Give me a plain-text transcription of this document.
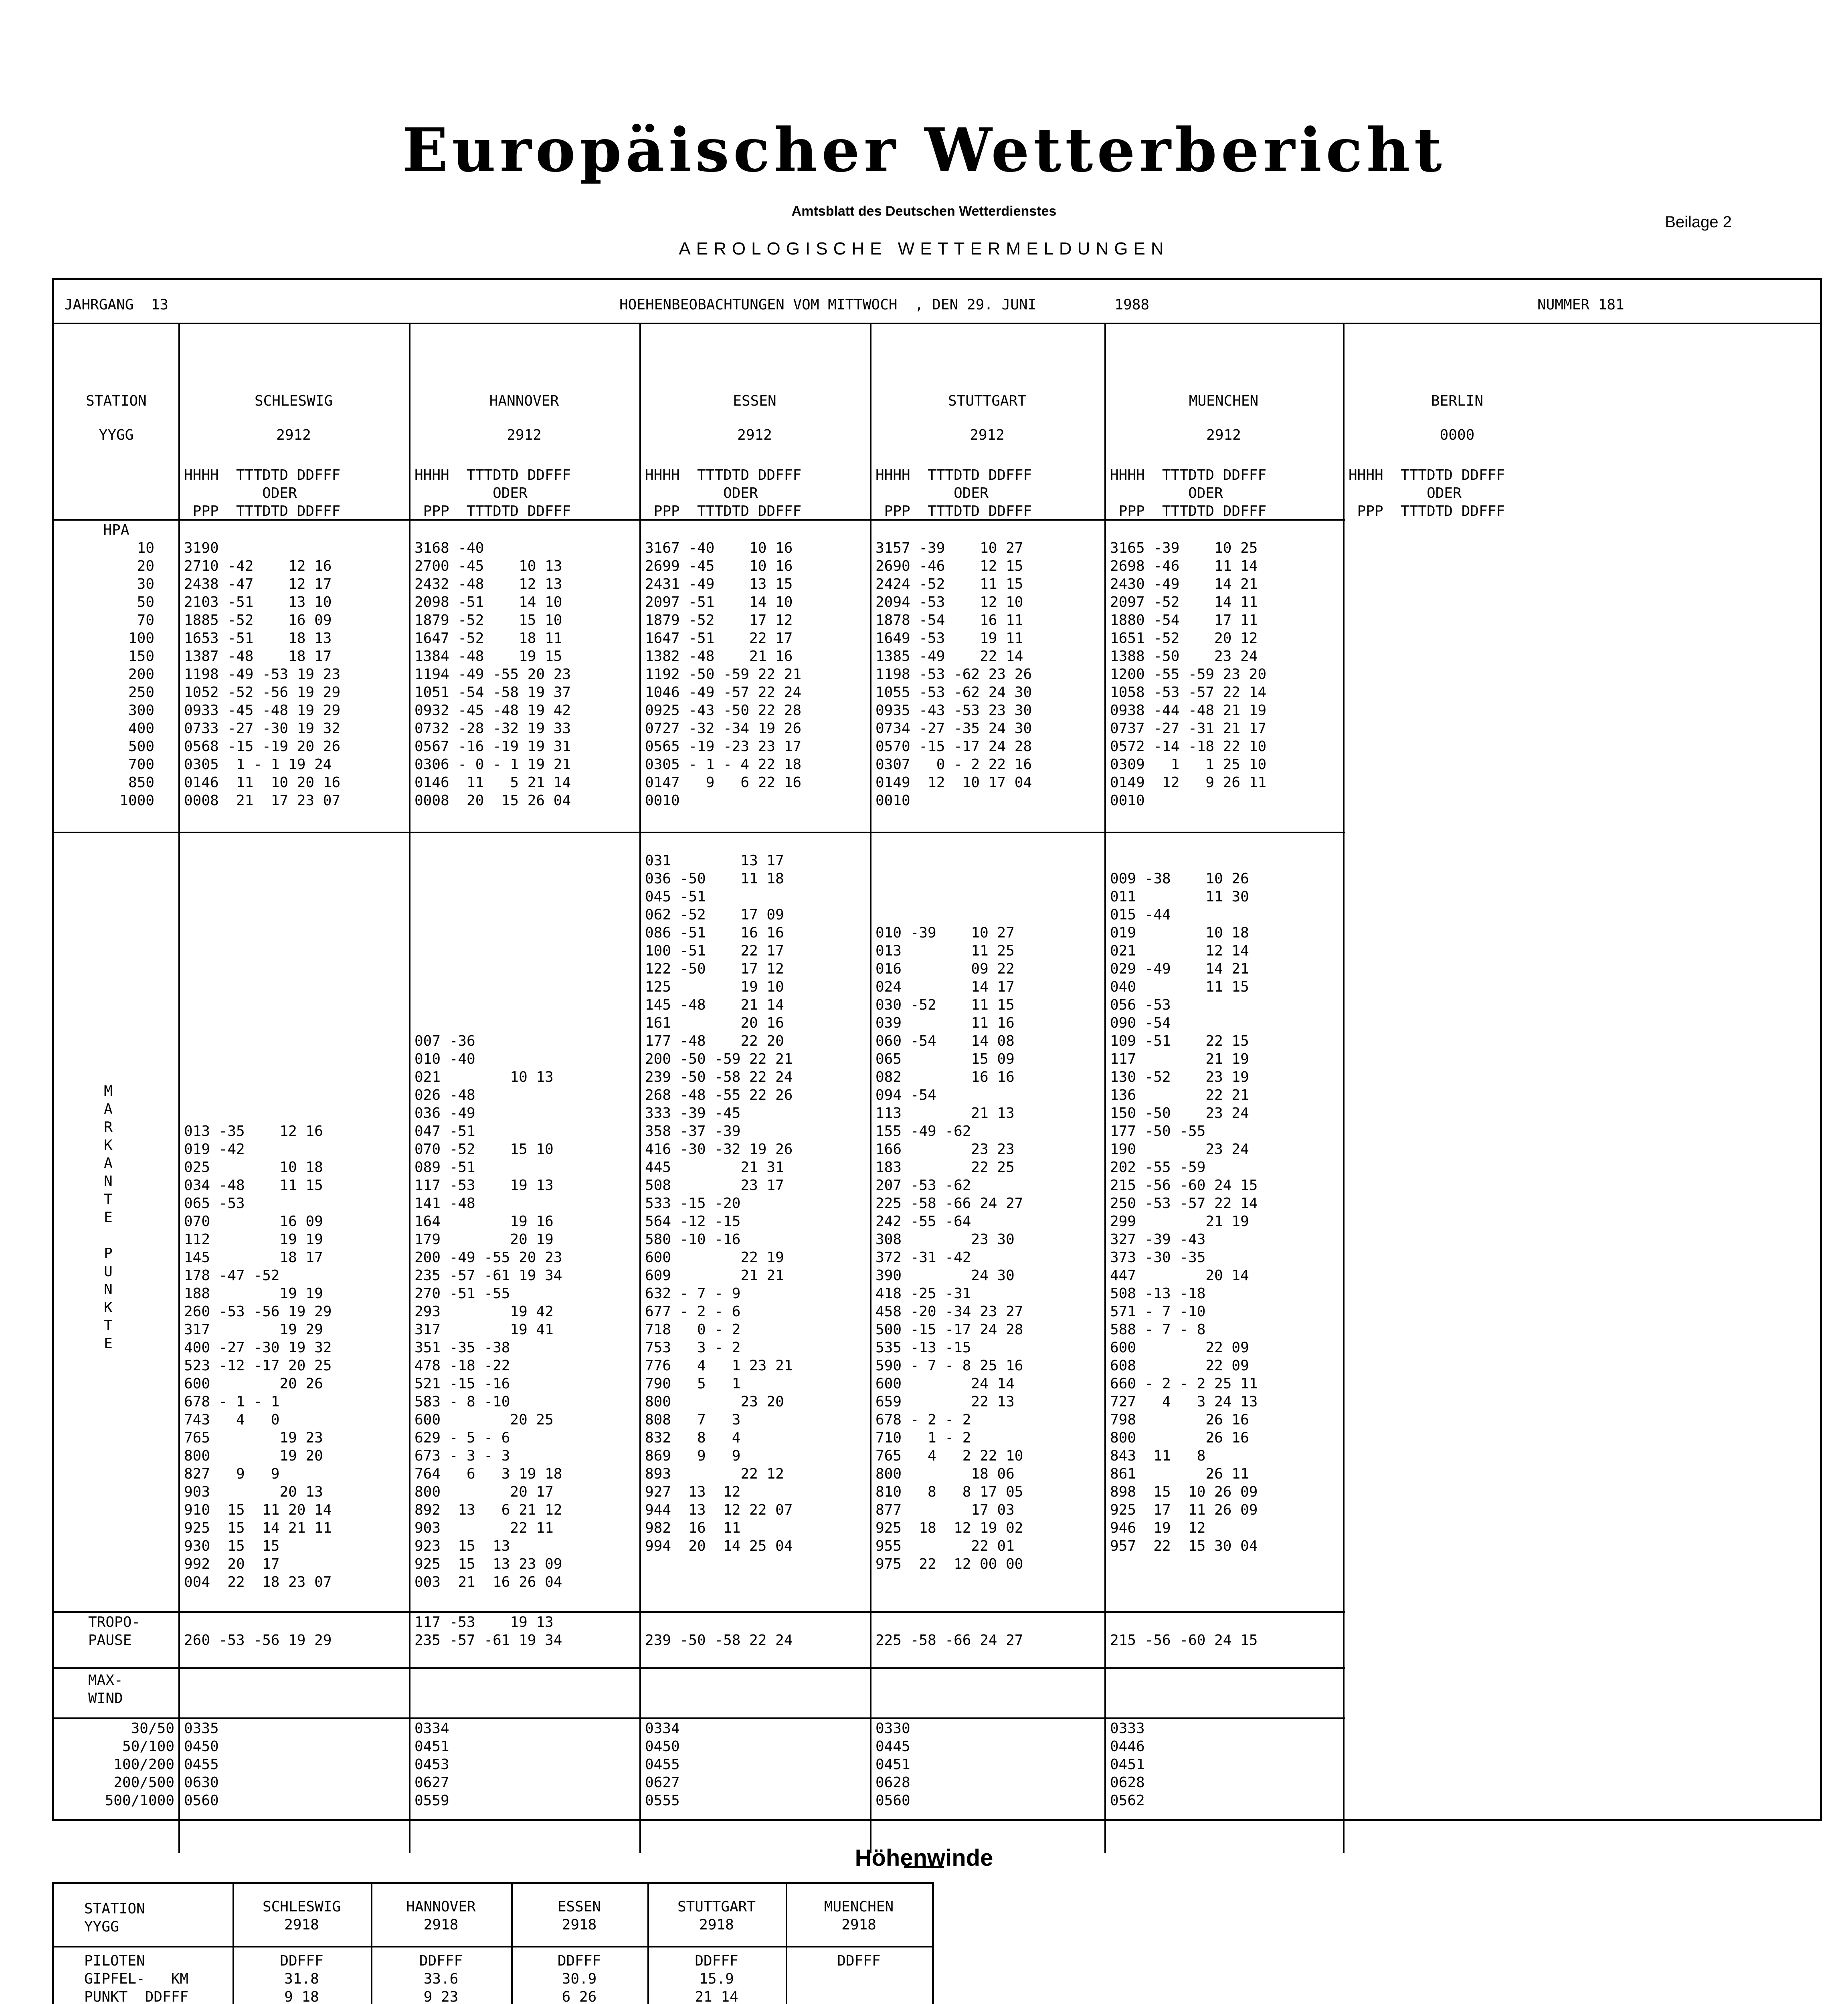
Europäischer Wetterbericht
Amtsblatt des Deutschen Wetterdienstes
Beilage 2
AEROLOGISCHE WETTERMELDUNGEN
JAHRGANG  13	HOEHENBEOBACHTUNGEN VOM MITTWOCH  , DEN 29. JUNI         1988	NUMMER 181
STATION
YYGG
HPA
10
20
30
50
70
100
150
200
250
300
400
500
700
850
1000
M
A
R
K
A
N
T
E
P
U
N
K
T
E
TROPO-
PAUSE
MAX-
WIND
30/50
50/100
100/200
200/500
500/1000
SCHLESWIG
2912
HHHH  TTTDTD DDFFF
ODER
PPP  TTTDTD DDFFF
3190
2710 -42    12 16
2438 -47    12 17
2103 -51    13 10
1885 -52    16 09
1653 -51    18 13
1387 -48    18 17
1198 -49 -53 19 23
1052 -52 -56 19 29
0933 -45 -48 19 29
0733 -27 -30 19 32
0568 -15 -19 20 26
0305  1 - 1 19 24
0146  11  10 20 16
0008  21  17 23 07

013 -35    12 16
019 -42
025        10 18
034 -48    11 15
065 -53
070        16 09
112        19 19
145        18 17
178 -47 -52
188        19 19
260 -53 -56 19 29
317        19 29
400 -27 -30 19 32
523 -12 -17 20 25
600        20 26
678 - 1 - 1
743   4   0
765        19 23
800        19 20
827   9   9
903        20 13
910  15  11 20 14
925  15  14 21 11
930  15  15
992  20  17
004  22  18 23 07

260 -53 -56 19 29
0335
0450
0455
0630
0560
HANNOVER
2912
HHHH  TTTDTD DDFFF
ODER
PPP  TTTDTD DDFFF
3168 -40
2700 -45    10 13
2432 -48    12 13
2098 -51    14 10
1879 -52    15 10
1647 -52    18 11
1384 -48    19 15
1194 -49 -55 20 23
1051 -54 -58 19 37
0932 -45 -48 19 42
0732 -28 -32 19 33
0567 -16 -19 19 31
0306 - 0 - 1 19 21
0146  11   5 21 14
0008  20  15 26 04

007 -36
010 -40
021        10 13
026 -48
036 -49
047 -51
070 -52    15 10
089 -51
117 -53    19 13
141 -48
164        19 16
179        20 19
200 -49 -55 20 23
235 -57 -61 19 34
270 -51 -55
293        19 42
317        19 41
351 -35 -38
478 -18 -22
521 -15 -16
583 - 8 -10
600        20 25
629 - 5 - 6
673 - 3 - 3
764   6   3 19 18
800        20 17
892  13   6 21 12
903        22 11
923  15  13
925  15  13 23 09
003  21  16 26 04
117 -53    19 13
235 -57 -61 19 34
0334
0451
0453
0627
0559
ESSEN
2912
HHHH  TTTDTD DDFFF
ODER
PPP  TTTDTD DDFFF
3167 -40    10 16
2699 -45    10 16
2431 -49    13 15
2097 -51    14 10
1879 -52    17 12
1647 -51    22 17
1382 -48    21 16
1192 -50 -59 22 21
1046 -49 -57 22 24
0925 -43 -50 22 28
0727 -32 -34 19 26
0565 -19 -23 23 17
0305 - 1 - 4 22 18
0147   9   6 22 16
0010
031        13 17
036 -50    11 18
045 -51
062 -52    17 09
086 -51    16 16
100 -51    22 17
122 -50    17 12
125        19 10
145 -48    21 14
161        20 16
177 -48    22 20
200 -50 -59 22 21
239 -50 -58 22 24
268 -48 -55 22 26
333 -39 -45
358 -37 -39
416 -30 -32 19 26
445        21 31
508        23 17
533 -15 -20
564 -12 -15
580 -10 -16
600        22 19
609        21 21
632 - 7 - 9
677 - 2 - 6
718   0 - 2
753   3 - 2
776   4   1 23 21
790   5   1
800        23 20
808   7   3
832   8   4
869   9   9
893        22 12
927  13  12
944  13  12 22 07
982  16  11
994  20  14 25 04

239 -50 -58 22 24
0334
0450
0455
0627
0555
STUTTGART
2912
HHHH  TTTDTD DDFFF
ODER
PPP  TTTDTD DDFFF
3157 -39    10 27
2690 -46    12 15
2424 -52    11 15
2094 -53    12 10
1878 -54    16 11
1649 -53    19 11
1385 -49    22 14
1198 -53 -62 23 26
1055 -53 -62 24 30
0935 -43 -53 23 30
0734 -27 -35 24 30
0570 -15 -17 24 28
0307   0 - 2 22 16
0149  12  10 17 04
0010

010 -39    10 27
013        11 25
016        09 22
024        14 17
030 -52    11 15
039        11 16
060 -54    14 08
065        15 09
082        16 16
094 -54
113        21 13
155 -49 -62
166        23 23
183        22 25
207 -53 -62
225 -58 -66 24 27
242 -55 -64
308        23 30
372 -31 -42
390        24 30
418 -25 -31
458 -20 -34 23 27
500 -15 -17 24 28
535 -13 -15
590 - 7 - 8 25 16
600        24 14
659        22 13
678 - 2 - 2
710   1 - 2
765   4   2 22 10
800        18 06
810   8   8 17 05
877        17 03
925  18  12 19 02
955        22 01
975  22  12 00 00

225 -58 -66 24 27
0330
0445
0451
0628
0560
MUENCHEN
2912
HHHH  TTTDTD DDFFF
ODER
PPP  TTTDTD DDFFF
3165 -39    10 25
2698 -46    11 14
2430 -49    14 21
2097 -52    14 11
1880 -54    17 11
1651 -52    20 12
1388 -50    23 24
1200 -55 -59 23 20
1058 -53 -57 22 14
0938 -44 -48 21 19
0737 -27 -31 21 17
0572 -14 -18 22 10
0309   1   1 25 10
0149  12   9 26 11
0010

009 -38    10 26
011        11 30
015 -44
019        10 18
021        12 14
029 -49    14 21
040        11 15
056 -53
090 -54
109 -51    22 15
117        21 19
130 -52    23 19
136        22 21
150 -50    23 24
177 -50 -55
190        23 24
202 -55 -59
215 -56 -60 24 15
250 -53 -57 22 14
299        21 19
327 -39 -43
373 -30 -35
447        20 14
508 -13 -18
571 - 7 -10
588 - 7 - 8
600        22 09
608        22 09
660 - 2 - 2 25 11
727   4   3 24 13
798        26 16
800        26 16
843  11   8
861        26 11
898  15  10 26 09
925  17  11 26 09
946  19  12
957  22  15 30 04

215 -56 -60 24 15
0333
0446
0451
0628
0562
BERLIN
0000
HHHH  TTTDTD DDFFF
ODER
PPP  TTTDTD DDFFF
Höhenwinde
STATION
YYGG
PILOTEN
GIPFEL-   KM
PUNKT  DDFFF
SCHLESWIG
2918
DDFFF
31.8
9 18
HANNOVER
2918
DDFFF
33.6
9 23
ESSEN
2918
DDFFF
30.9
6 26
STUTTGART
2918
DDFFF
15.9
21 14
MUENCHEN
2918
DDFFF
